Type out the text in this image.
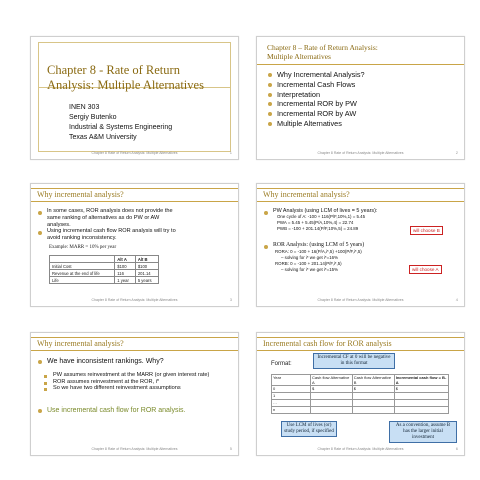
Chapter 8 - Rate of Return
Analysis: Multiple Alternatives
INEN 303
Sergiy Butenko
Industrial & Systems Engineering
Texas A&M University
Chapter 8 Rate of Return Analysis: Multiple Alternatives	1
Chapter 8 – Rate of Return Analysis:
Multiple Alternatives
Why Incremental Analysis?
Incremental Cash Flows
Interpretation
Incremental ROR by PW
Incremental ROR by AW
Multiple Alternatives
Chapter 8 Rate of Return Analysis: Multiple Alternatives	2
Why incremental analysis?
In some cases, ROR analysis does not provide the same ranking of alternatives as do PW or AW analyses.
Using incremental cash flow ROR analysis will try to avoid ranking inconsistency.
Example: MARR = 10% per year
	Alt A	Alt B
Initial Cost	$100	$100
Revenue at the end of life	116	201.14
Life	1 year	5 years
Chapter 8 Rate of Return Analysis: Multiple Alternatives	3
Why incremental analysis?
PW Analysis (using LCM of lives = 5 years):
One cycle of A: -100 + 116(P/F,10%,1) = 5.45
PWA = 5.45 + 5.45(P/A,10%,4) = 22.74
PWB = -100 + 201.14(P/F,10%,5) = 24.89	will choose B
ROR Analysis: (using LCM of 5 years)
RORA: 0 = -100 + 16(P/A,i*,5) +100(P/F,i*,5)
– solving for i* we get i*=16%
RORB: 0 = -100 + 201.14(P/F,i*,5)
– solving for i* we get i*=15%	will choose A
Chapter 8 Rate of Return Analysis: Multiple Alternatives	4
Why incremental analysis?
We have inconsistent rankings. Why?
PW assumes reinvestment at the MARR (or given interest rate)
ROR assumes reinvestment at the ROR, i*
So we have two different reinvestment assumptions
Use incremental cash flow for ROR analysis.
Chapter 8 Rate of Return Analysis: Multiple Alternatives	5
Incremental cash flow for ROR analysis
Format:
Incremental CF at 0 will be negative in this format
Year	Cash flow Alternative A	Cash flow Alternative B	Incremental cash flow = B- A
0	$	$	$
1			
…			
n			
Use LCM of lives (or) study period, if specified
As a convention, assume B has the larger initial investment
Chapter 8 Rate of Return Analysis: Multiple Alternatives	6
